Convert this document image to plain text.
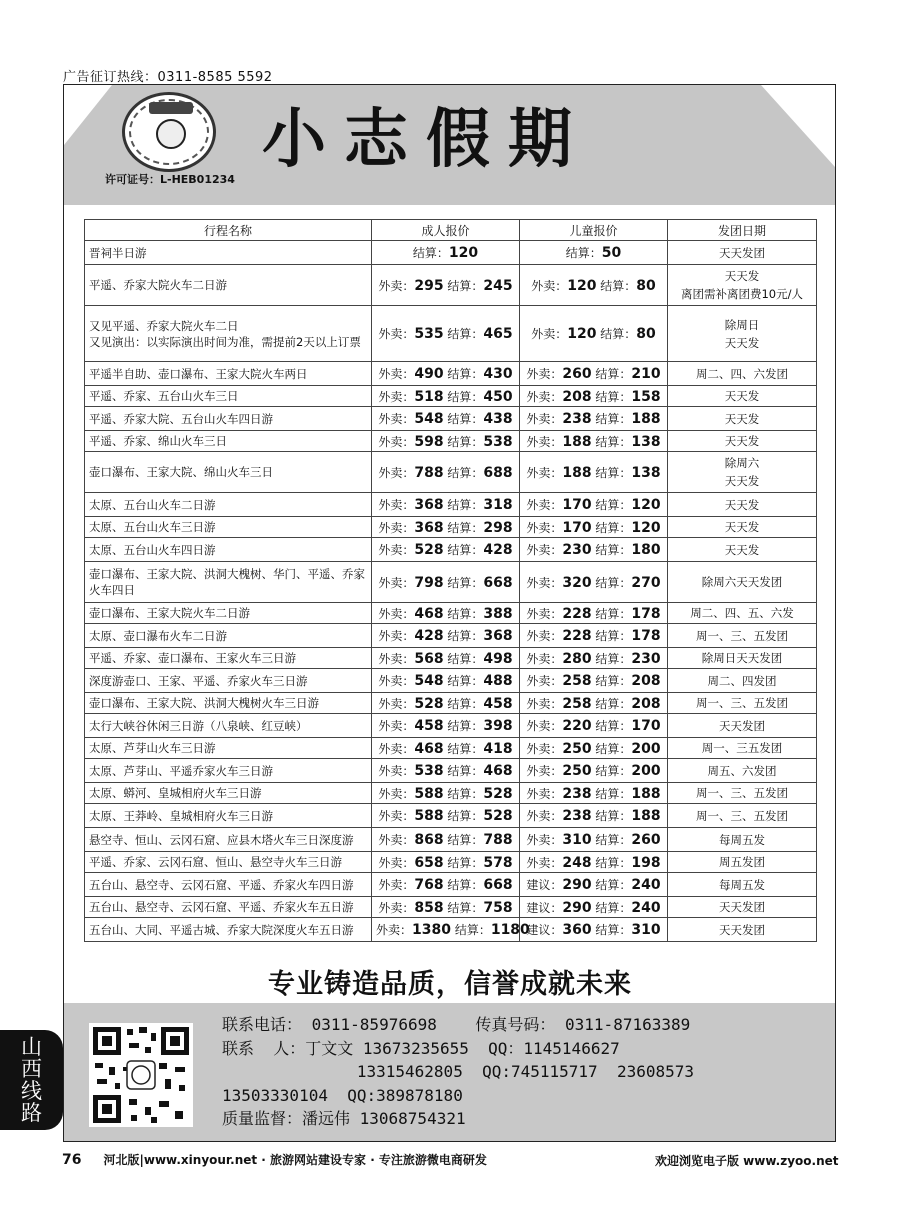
广告征订热线：0311-8585 5592
许可证号：L-HEB01234
小志假期
行程名称	成人报价	儿童报价	发团日期
晋祠半日游	结算：120	结算：50	天天发团
平遥、乔家大院火车二日游	外卖：295 结算：245	外卖：120 结算：80	天天发
离团需补离团费10元/人
又见平遥、乔家大院火车二日
又见演出：以实际演出时间为准，需提前2天以上订票	外卖：535 结算：465	外卖：120 结算：80	除周日
天天发
平遥半自助、壶口瀑布、王家大院火车两日	外卖：490 结算：430	外卖：260 结算：210	周二、四、六发团
平遥、乔家、五台山火车三日	外卖：518 结算：450	外卖：208 结算：158	天天发
平遥、乔家大院、五台山火车四日游	外卖：548 结算：438	外卖：238 结算：188	天天发
平遥、乔家、绵山火车三日	外卖：598 结算：538	外卖：188 结算：138	天天发
壶口瀑布、王家大院、绵山火车三日	外卖：788 结算：688	外卖：188 结算：138	除周六
天天发
太原、五台山火车二日游	外卖：368 结算：318	外卖：170 结算：120	天天发
太原、五台山火车三日游	外卖：368 结算：298	外卖：170 结算：120	天天发
太原、五台山火车四日游	外卖：528 结算：428	外卖：230 结算：180	天天发
壶口瀑布、王家大院、洪洞大槐树、华门、平遥、乔家火车四日	外卖：798 结算：668	外卖：320 结算：270	除周六天天发团
壶口瀑布、王家大院火车二日游	外卖：468 结算：388	外卖：228 结算：178	周二、四、五、六发
太原、壶口瀑布火车二日游	外卖：428 结算：368	外卖：228 结算：178	周一、三、五发团
平遥、乔家、壶口瀑布、王家火车三日游	外卖：568 结算：498	外卖：280 结算：230	除周日天天发团
深度游壶口、王家、平遥、乔家火车三日游	外卖：548 结算：488	外卖：258 结算：208	周二、四发团
壶口瀑布、王家大院、洪洞大槐树火车三日游	外卖：528 结算：458	外卖：258 结算：208	周一、三、五发团
太行大峡谷休闲三日游（八泉峡、红豆峡）	外卖：458 结算：398	外卖：220 结算：170	天天发团
太原、芦芽山火车三日游	外卖：468 结算：418	外卖：250 结算：200	周一、三五发团
太原、芦芽山、平遥乔家火车三日游	外卖：538 结算：468	外卖：250 结算：200	周五、六发团
太原、蟒河、皇城相府火车三日游	外卖：588 结算：528	外卖：238 结算：188	周一、三、五发团
太原、王莽岭、皇城相府火车三日游	外卖：588 结算：528	外卖：238 结算：188	周一、三、五发团
悬空寺、恒山、云冈石窟、应县木塔火车三日深度游	外卖：868 结算：788	外卖：310 结算：260	每周五发
平遥、乔家、云冈石窟、恒山、悬空寺火车三日游	外卖：658 结算：578	外卖：248 结算：198	周五发团
五台山、悬空寺、云冈石窟、平遥、乔家火车四日游	外卖：768 结算：668	建议：290 结算：240	每周五发
五台山、悬空寺、云冈石窟、平遥、乔家火车五日游	外卖：858 结算：758	建议：290 结算：240	天天发团
五台山、大同、平遥古城、乔家大院深度火车五日游	外卖：1380 结算：1180	建议：360 结算：310	天天发团
专业铸造品质，信誉成就未来
联系电话： 0311-85976698    传真号码： 0311-87163389
联系  人：丁文文 13673235655  QQ：1145146627
13315462805  QQ:745115717  23608573
13503330104  QQ:389878180
质量监督：潘远伟 13068754321
山
西
线
路
76 河北版|www.xinyour.net · 旅游网站建设专家 · 专注旅游微电商研发	欢迎浏览电子版 www.zyoo.net
